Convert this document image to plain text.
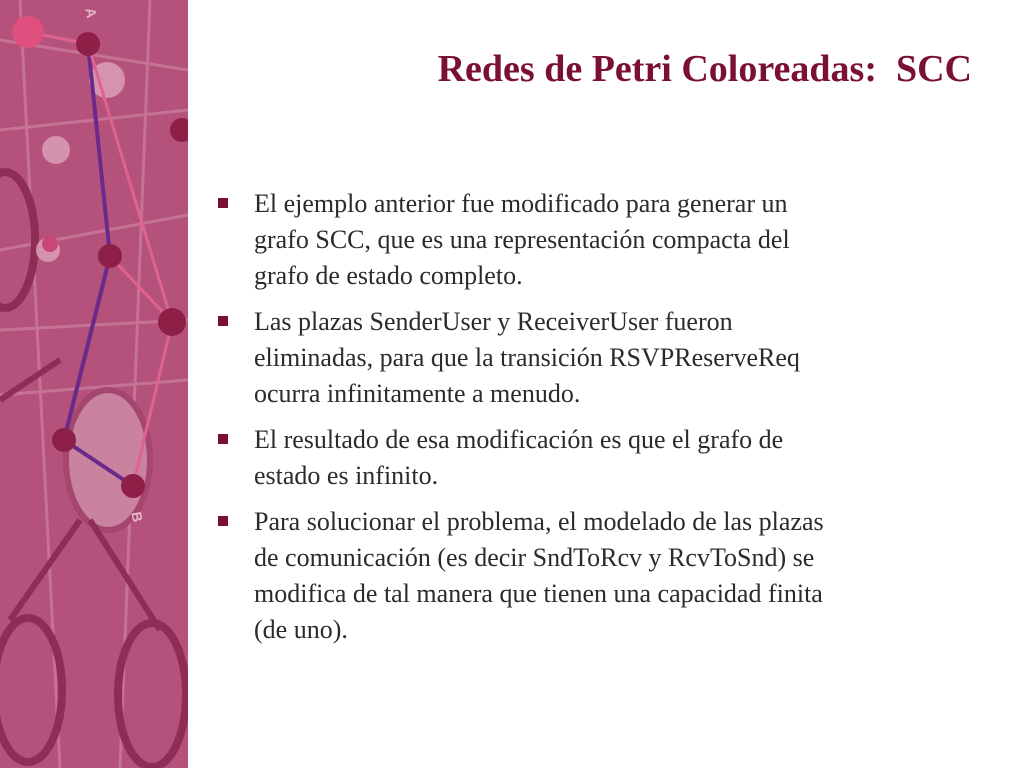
A
B
Redes de Petri Coloreadas:  SCC
El ejemplo anterior fue modificado para generar un
grafo SCC, que es una representación compacta del
grafo de estado completo.
Las plazas SenderUser y ReceiverUser fueron
eliminadas, para que la transición RSVPReserveReq
ocurra infinitamente a menudo.
El resultado de esa modificación es que el grafo de
estado es infinito.
Para solucionar el problema, el modelado de las plazas
de comunicación (es decir SndToRcv y RcvToSnd) se
modifica de tal manera que tienen una capacidad finita
(de uno).
